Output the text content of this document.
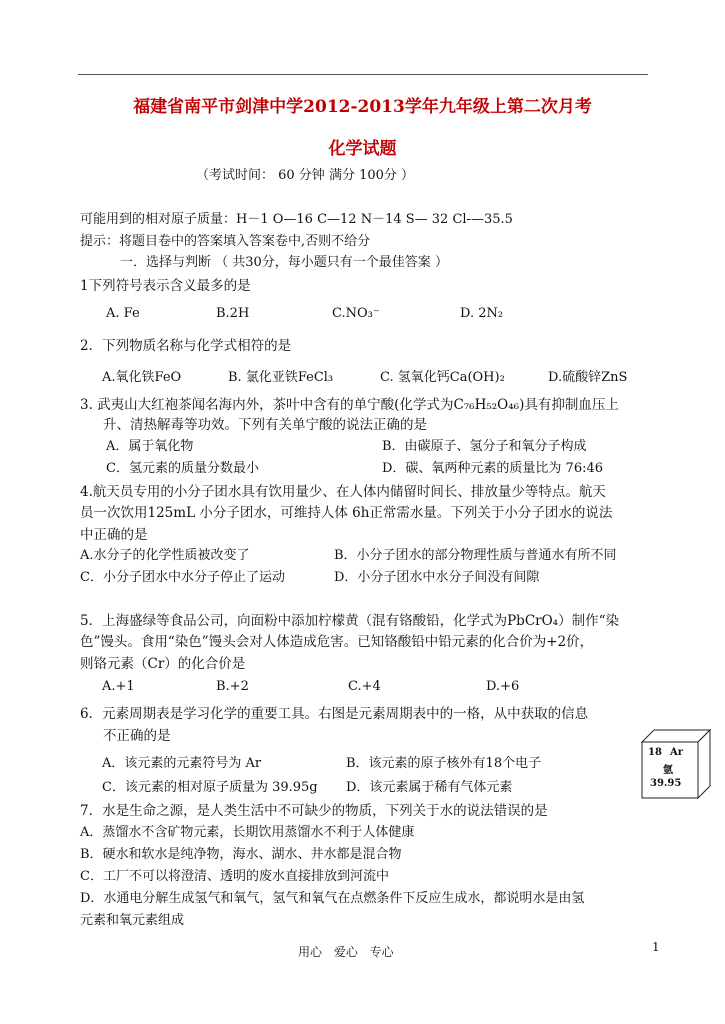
福建省南平市剑津中学2012-2013学年九年级上第二次月考
化学试题
（考试时间： 60 分钟 满分 100分 ）
可能用到的相对原子质量：H－1 O—16 C—12 N－14 S— 32 Cl-—35.5
提示：将题目卷中的答案填入答案卷中,否则不给分
一．选择与判断 （ 共30分，每小题只有一个最佳答案 ）
1下列符号表示含义最多的是
A. Fe	B.2H	C.NO₃⁻	D. 2N₂
2．下列物质名称与化学式相符的是
A.氧化铁FeO	B. 氯化亚铁FeCl₃	C. 氢氧化钙Ca(OH)₂	D.硫酸锌ZnS
3. 武夷山大红袍茶闻名海内外，茶叶中含有的单宁酸(化学式为C₇₆H₅₂O₄₆)具有抑制血压上
升、清热解毒等功效。下列有关单宁酸的说法正确的是
A．属于氧化物	B．由碳原子、氢分子和氧分子构成
C．氢元素的质量分数最小	D．碳、氧两种元素的质量比为 76:46
4.航天员专用的小分子团水具有饮用量少、在人体内储留时间长、排放量少等特点。航天
员一次饮用125mL 小分子团水，可维持人体 6h正常需水量。下列关于小分子团水的说法
中正确的是
A.水分子的化学性质被改变了	B．小分子团水的部分物理性质与普通水有所不同
C．小分子团水中水分子停止了运动	D．小分子团水中水分子间没有间隙
5．上海盛绿等食品公司，向面粉中添加柠檬黄（混有铬酸铅，化学式为PbCrO₄）制作“染
色”馒头。食用“染色”馒头会对人体造成危害。已知铬酸铅中铅元素的化合价为+2价，
则铬元素（Cr）的化合价是
A.+1	B.+2	C.+4	D.+6
6．元素周期表是学习化学的重要工具。右图是元素周期表中的一格，从中获取的信息
不正确的是
A．该元素的元素符号为 Ar	B．该元素的原子核外有18个电子
C．该元素的相对原子质量为 39.95g D．该元素属于稀有气体元素
18 Ar
氩
39.95
7．水是生命之源，是人类生活中不可缺少的物质，下列关于水的说法错误的是
A．蒸馏水不含矿物元素，长期饮用蒸馏水不利于人体健康
B．硬水和软水是纯净物，海水、湖水、井水都是混合物
C．工厂不可以将澄清、透明的废水直接排放到河流中
D．水通电分解生成氢气和氧气，氢气和氧气在点燃条件下反应生成水，都说明水是由氢
元素和氧元素组成
用心 爱心 专心	1
